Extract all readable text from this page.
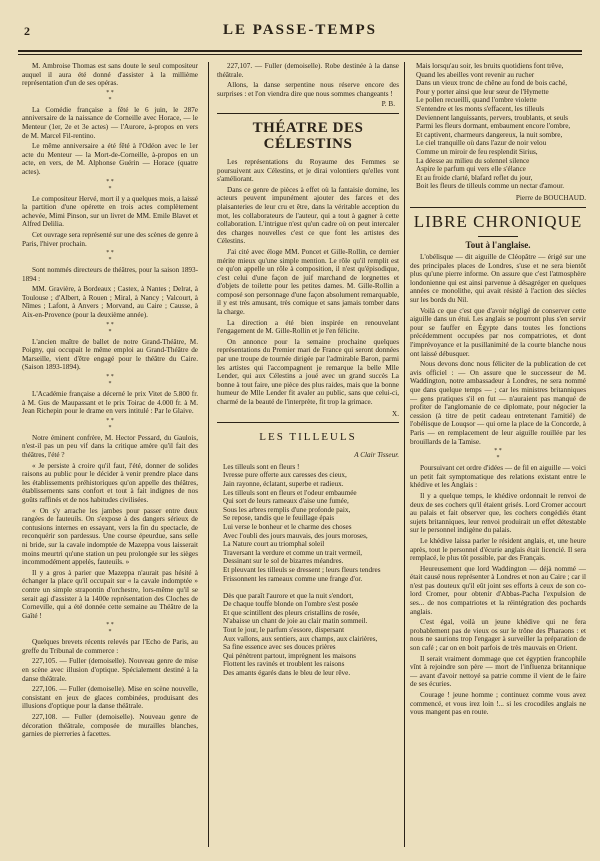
2	LE PASSE-TEMPS

M. Ambroise Thomas est sans doute le seul compositeur auquel il aura été donné d'assister à la millième représentation d'un de ses opéras.

* *
*

La Comédie française a fêté le 6 juin, le 287e anniversaire de la naissance de Corneille avec Horace, — le Menteur (1er, 2e et 3e actes) — l'Aurore, à-propos en vers de M. Marcel Fil-rentino.

Le même anniversaire a été fêté à l'Odéon avec le 1er acte du Menteur — la Mort-de-Corneille, à-propos en un acte, en vers, de M. Alphonse Guérin — Horace (quatre actes).

* *
*

Le compositeur Hervé, mort il y a quelques mois, a laissé la partition d'une opérette en trois actes complètement achevée, Mimi Pinson, sur un livret de MM. Emile Blavet et Alfred Delilia.

Cet ouvrage sera représenté sur une des scènes de genre à Paris, l'hiver prochain.

* *
*

Sont nommés directeurs de théâtres, pour la saison 1893-1894 :

MM. Gravière, à Bordeaux ; Castex, à Nantes ; Delrat, à Toulouse ; d'Albert, à Rouen ; Miral, à Nancy ; Valcourt, à Nîmes ; Lafont, à Anvers ; Morvand, au Caire ; Causse, à Aix-en-Provence (pour la deuxième année).

* *
*

L'ancien maître de ballet de notre Grand-Théâtre, M. Poigny, qui occupait le même emploi au Grand-Théâtre de Marseille, vient d'être engagé pour le théâtre du Caire. (Saison 1893-1894).

* *
*

L'Académie française a décerné le prix Vitet de 5.800 fr. à M. Gus de Maupassant et le prix Toirac de 4.000 fr. à M. Jean Richepin pour le drame en vers intitulé : Par le Glaive.

* *
*

Notre éminent confrère, M. Hector Pessard, du Gaulois, n'est-il pas un peu vif dans la critique amère qu'il fait des théâtres, l'été ?

« Je persiste à croire qu'il faut, l'été, donner de solides raisons au public pour le décider à venir prendre place dans les établissements préhistoriques qu'on appelle des théâtres, établissements sans confort et tout à fait indignes de nos goûts raffinés et de nos habitudes civilisées.

« On s'y arrache les jambes pour passer entre deux rangées de fauteuils. On s'expose à des dangers sérieux de contusions internes en essayant, vers la fin du spectacle, de reconquérir son pardessus. Une course épeurdue, sans selle ni bride, sur la cavale indomptée de Mazeppa vous laisserait moins meurtri qu'une station un peu prolongée sur les sièges incommodément appelés, fauteuils. »

Il y a gros à parier que Mazeppa n'aurait pas hésité à échanger la place qu'il occupait sur « la cavale indomptée » contre un simple strapontin d'orchestre, lors-même qu'il se serait agi d'assister à la 1400e représentation des Cloches de Corneville, qui a été donnée cette semaine au Théâtre de la Gaîté !

* *
*

Quelques brevets récents relevés par l'Echo de Paris, au greffe du Tribunal de commerce :

227,105. — Fuller (demoiselle). Nouveau genre de mise en scène avec illusion d'optique. Spécialement destiné à la danse théâtrale.

227,106. — Fuller (demoiselle). Mise en scène nouvelle, consistant en jeux de glaces combinées, produisant des illusions d'optique pour la danse théâtrale.

227,108. — Fuller (demoiselle). Nouveau genre de décoration théâtrale, composée de murailles blanches, garnies de pierreries à facettes.

227,107. — Fuller (demoiselle). Robe destinée à la danse théâtrale.

Allons, la danse serpentine nous réserve encore des surprises : et l'on viendra dire que nous sommes changeants !

P. B.
THÉATRE DES CÉLESTINS

Les représentations du Royaume des Femmes se poursuivent aux Célestins, et je dirai volontiers qu'elles vont s'améliorant.

Dans ce genre de pièces à effet où la fantaisie domine, les acteurs peuvent impunément ajouter des farces et des plaisanteries de leur cru et être, dans la véritable acception du mot, les collaborateurs de l'auteur, qui a tout à gagner à cette collaboration. L'intrigue n'est qu'un cadre où on peut intercaler des charges nouvelles c'est ce que font les artistes des Célestins.

J'ai cité avec éloge MM. Poncet et Gille-Rollin, ce dernier mérite mieux qu'une simple mention. Le rôle qu'il remplit est ce qu'on appelle un rôle à composition, il n'est qu'épisodique, c'est celui d'une façon de juif marchand de lorgnettes et d'objets de toilette pour les petites dames. M. Gille-Rollin a composé son personnage d'une façon absolument remarquable, il y est très amusant, très comique et sans jamais tomber dans la charge.

La direction a été bien inspirée en renouvelant l'engagement de M. Gille-Rollin et je l'en félicite.

On annonce pour la semaine prochaine quelques représentations du Premier mari de France qui seront données par une troupe de tournée dirigée par l'admirable Baron, parmi les artistes qui l'accompagnent je remarque la belle Mlle Lender, qui aux Célestins a joué avec un grand succès La bonne à tout faire, une pièce des plus raides, mais que la bonne humeur de Mlle Lender fit avaler au public, sans que celui-ci, charmé de la beauté de l'interprète, fit trop la grimace.

X.
LES TILLEULS
A Clair Tisseur.
Les tilleuls sont en fleurs !
Ivresse pure offerte aux caresses des cieux,
Jain rayonne, éclatant, superbe et radieux.
Les tilleuls sont en fleurs et l'odeur embaumée
Qui sort de leurs rameaux d'aise une fumée,
Sous les arbres remplis d'une profonde paix,
Se repose, tandis que le feuillage épais
Lui verse le bonheur et le charme des choses
Avec l'oubli des jours mauvais, des jours moroses,
La Nature court au triomphal soleil
Traversant la verdure et comme un trait vermeil,
Dessinant sur le sol de bizarres méandres.
Et pleuvant les tilleuls se dressent ; leurs fleurs tendres
Frissonnent les rameaux comme une frange d'or.

Dès que paraît l'aurore et que la nuit s'endort,
De chaque touffe blonde on l'ombre s'est posée
Et que scintillent des pleurs cristallins de rosée,
N'abaisse un chant de joie au clair matin sommeil.
Tout le jour, le parfum s'essore, dispersant
Aux vallons, aux sentiers, aux champs, aux clairières,
Sa fine essence avec ses douces prières
Qui pénètrent partout, imprègnent les maisons
Flottent les ravinés et troublent les raisons
Des amants égarés dans le bleu de leur rêve.
Mais lorsqu'au soir, les bruits quotidiens font trêve,
Quand les abeilles vont revenir au rucher
Dans un vieux tronc de chêne au fond de bois caché,
Pour y porter ainsi que leur sœur de l'Hymette
Le pollen recueilli, quand l'ombre violette
S'entendre et les monts s'effacent, les tilleuls
Deviennent languissants, pervers, troublants, et seuls
Parmi les fleurs dormant, embaument encore l'ombre,
Et captivent, charmeurs dangereux, la nuit sombre,
Le ciel tranquille où dans l'azur de noir velou
Comme un miroir de feu resplendit Sirius,
La déesse au milieu du solennel silence
Aspire le parfum qui vers elle s'élance
Et au froide clarté, blafard reflet du jour,
Boit les fleurs de tilleuls comme un nectar d'amour.
Pierre de BOUCHAUD.
LIBRE CHRONIQUE
Tout à l'anglaise.

L'obélisque — dit aiguille de Cléopâtre — érigé sur une des principales places de Londres, s'use et ne sera bientôt plus qu'une pierre informe. On assure que c'est l'atmosphère londonienne qui est ainsi parvenue à désagréger en quelques années ce monolithe, qui avait résisté à l'action des siècles sur les bords du Nil.

Voilà ce que c'est que d'avoir négligé de conserver cette aiguille dans un étui. Les anglais se pourront plus s'en servir pour se fauffer en Égypte dans toutes les fonctions précédemment occupées par nos compatriotes, et dont l'imprévoyance et la pusillanimité de la courte blanche nous ont laissé débusquer.

Nous devons donc nous féliciter de la publication de cet avis officiel : — On assure que le successeur de M. Waddington, notre ambassadeur à Londres, ne sera nommé que dans quelque temps — ; car les ministres britanniques — gens pratiques s'il en fut — n'auraient pas manqué de profiter de l'anglomanie de ce diplomate, pour négocier la cession (à titre de petit cadeau entretenant l'amitié) de l'obélisque de Louqsor — qui orne la place de la Concorde, à Paris — en remplacement de leur aiguille rouillée par les brouillards de la Tamise.

* *
*

Poursuivant cet ordre d'idées — de fil en aiguille — voici un petit fait symptomatique des relations existant entre le khédive et les Anglais :

Il y a quelque temps, le khédive ordonnait le renvoi de deux de ses cochers qu'il étaient grisés. Lord Cromer accourt au palais et fait observer que, les cochers congédiés étant sujets britanniques, leur renvoi produirait un effet détestable sur le personnel indigène du palais.

Le khédive laissa parler le résident anglais, et, une heure après, tout le personnel d'écurie anglais était licencié. Il sera remplacé, le plus tôt possible, par des Français.

Heureusement que lord Waddington — déjà nommé — était causé nous représenter à Londres et non au Caire ; car il n'est pas douteux qu'il eût joint ses efforts à ceux de son co-lord Cromer, pour obtenir d'Abbas-Pacha l'expulsion de ses... de nos compatriotes et la réintégration des pochards anglais.

C'est égal, voilà un jeune khédive qui ne fera probablement pas de vieux os sur le trône des Pharaons : et nous ne saurions trop l'engager à surveiller la préparation de son café ; car on en boit parfois de très mauvais en Orient.

Il serait vraiment dommage que cet égyptien francophile vînt à rejoindre son père — mort de l'influenza britannique — avant d'avoir nettoyé sa patrie comme il vient de le faire de ses écuries.

Courage ! jeune homme ; continuez comme vous avez commencé, et vous irez loin !... si les crocodiles anglais ne vous mangent pas en route.
